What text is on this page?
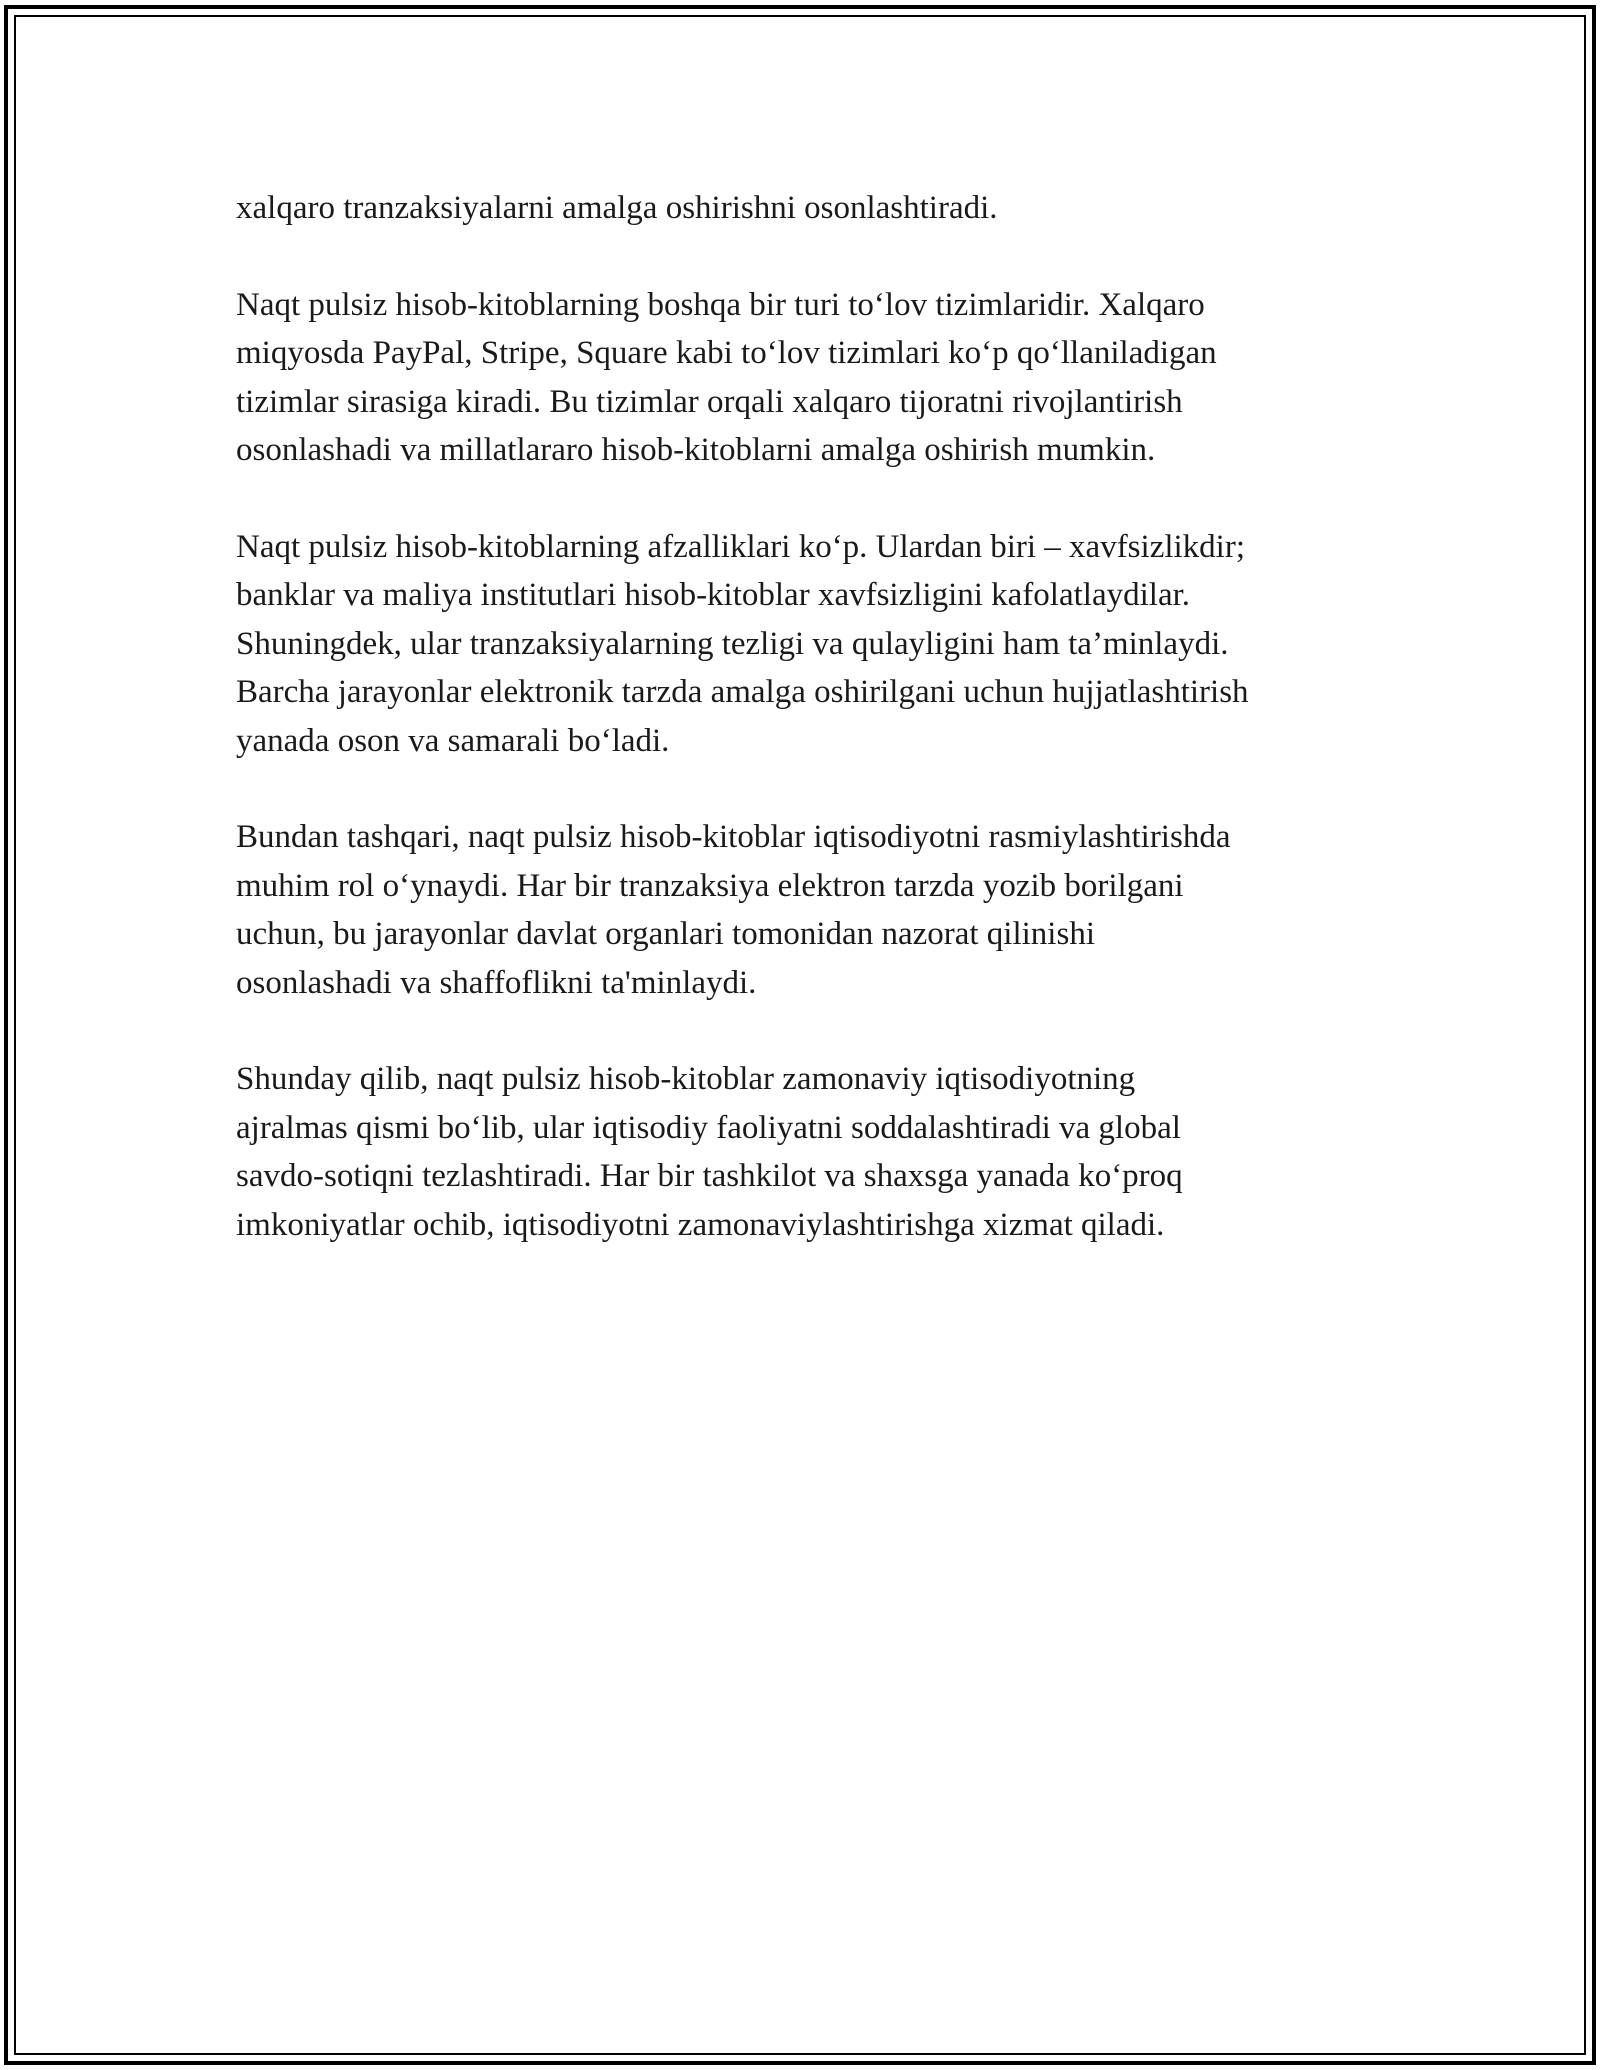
xalqaro tranzaksiyalarni amalga oshirishni osonlashtiradi.

Naqt pulsiz hisob-kitoblarning boshqa bir turi to‘lov tizimlaridir. Xalqaro
miqyosda PayPal, Stripe, Square kabi to‘lov tizimlari ko‘p qo‘llaniladigan
tizimlar sirasiga kiradi. Bu tizimlar orqali xalqaro tijoratni rivojlantirish
osonlashadi va millatlararo hisob-kitoblarni amalga oshirish mumkin.

Naqt pulsiz hisob-kitoblarning afzalliklari ko‘p. Ulardan biri – xavfsizlikdir;
banklar va maliya institutlari hisob-kitoblar xavfsizligini kafolatlaydilar.
Shuningdek, ular tranzaksiyalarning tezligi va qulayligini ham ta’minlaydi.
Barcha jarayonlar elektronik tarzda amalga oshirilgani uchun hujjatlashtirish
yanada oson va samarali bo‘ladi.

Bundan tashqari, naqt pulsiz hisob-kitoblar iqtisodiyotni rasmiylashtirishda
muhim rol o‘ynaydi. Har bir tranzaksiya elektron tarzda yozib borilgani
uchun, bu jarayonlar davlat organlari tomonidan nazorat qilinishi
osonlashadi va shaffoflikni ta'minlaydi.

Shunday qilib, naqt pulsiz hisob-kitoblar zamonaviy iqtisodiyotning
ajralmas qismi bo‘lib, ular iqtisodiy faoliyatni soddalashtiradi va global
savdo-sotiqni tezlashtiradi. Har bir tashkilot va shaxsga yanada ko‘proq
imkoniyatlar ochib, iqtisodiyotni zamonaviylashtirishga xizmat qiladi.
